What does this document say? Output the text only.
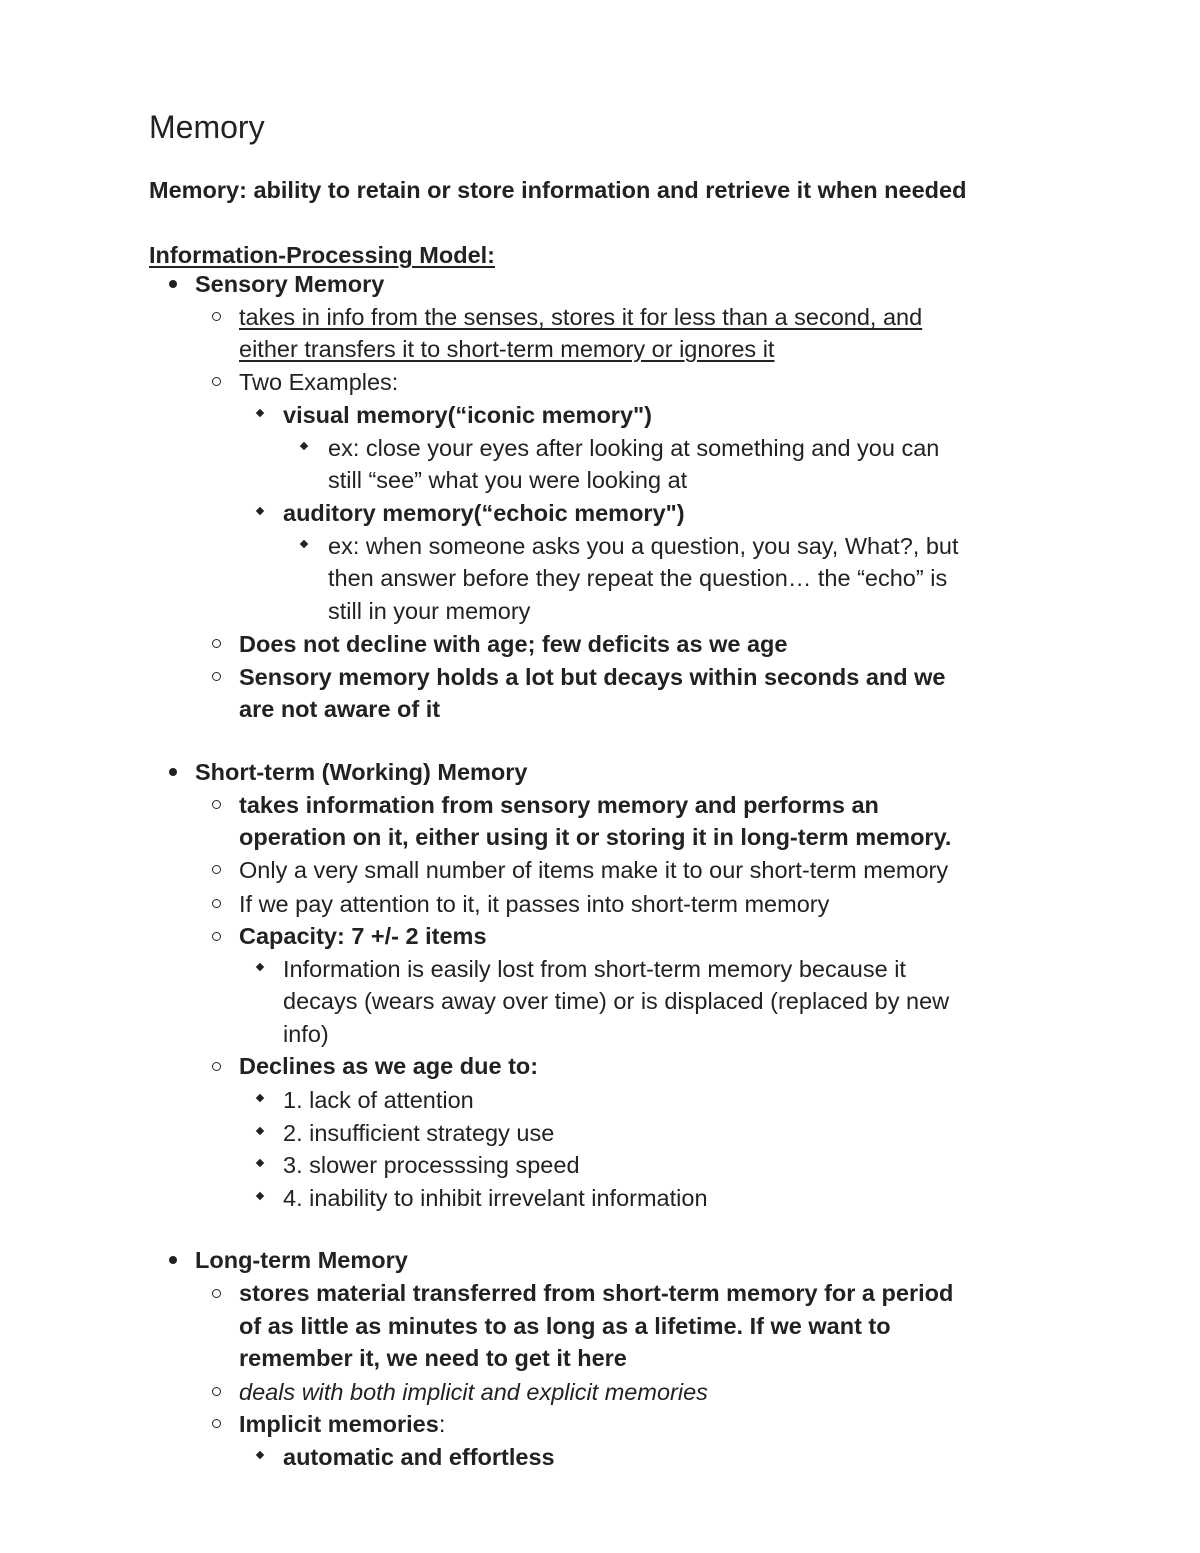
Memory
Memory: ability to retain or store information and retrieve it when needed
Information-Processing Model:
Sensory Memory
takes in info from the senses, stores it for less than a second, and
either transfers it to short-term memory or ignores it
Two Examples:
visual memory(“iconic memory")
ex: close your eyes after looking at something and you can
still “see” what you were looking at
auditory memory(“echoic memory")
ex: when someone asks you a question, you say, What?, but
then answer before they repeat the question… the “echo” is
still in your memory
Does not decline with age; few deficits as we age
Sensory memory holds a lot but decays within seconds and we
are not aware of it
Short-term (Working) Memory
takes information from sensory memory and performs an
operation on it, either using it or storing it in long-term memory.
Only a very small number of items make it to our short-term memory
If we pay attention to it, it passes into short-term memory
Capacity: 7 +/- 2 items
Information is easily lost from short-term memory because it
decays (wears away over time) or is displaced (replaced by new
info)
Declines as we age due to:
1. lack of attention
2. insufficient strategy use
3. slower processsing speed
4. inability to inhibit irrevelant information
Long-term Memory
stores material transferred from short-term memory for a period
of as little as minutes to as long as a lifetime. If we want to
remember it, we need to get it here
deals with both implicit and explicit memories
Implicit memories:
automatic and effortless
